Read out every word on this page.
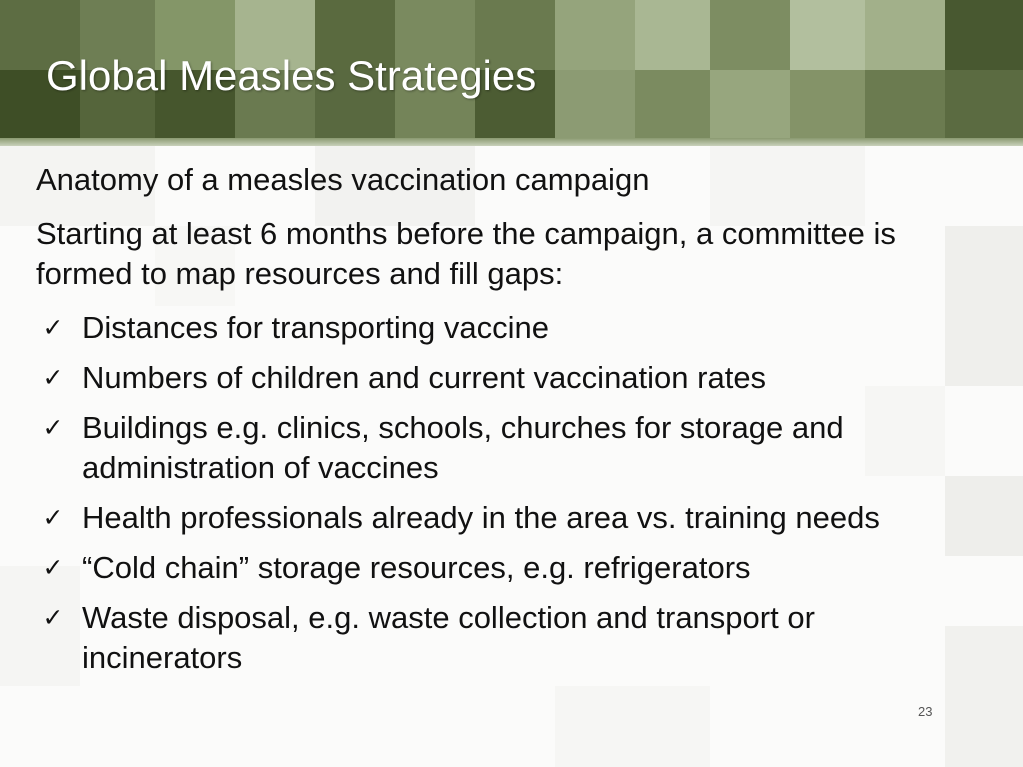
Global Measles Strategies

Anatomy of a measles vaccination campaign

Starting at least 6 months before the campaign, a committee is formed to map resources and fill gaps:

✓ Distances for transporting vaccine
✓ Numbers of children and current vaccination rates
✓ Buildings e.g. clinics, schools, churches for storage and administration of vaccines
✓ Health professionals already in the area vs. training needs
✓ “Cold chain” storage resources, e.g. refrigerators
✓ Waste disposal, e.g. waste collection and transport or incinerators
23
